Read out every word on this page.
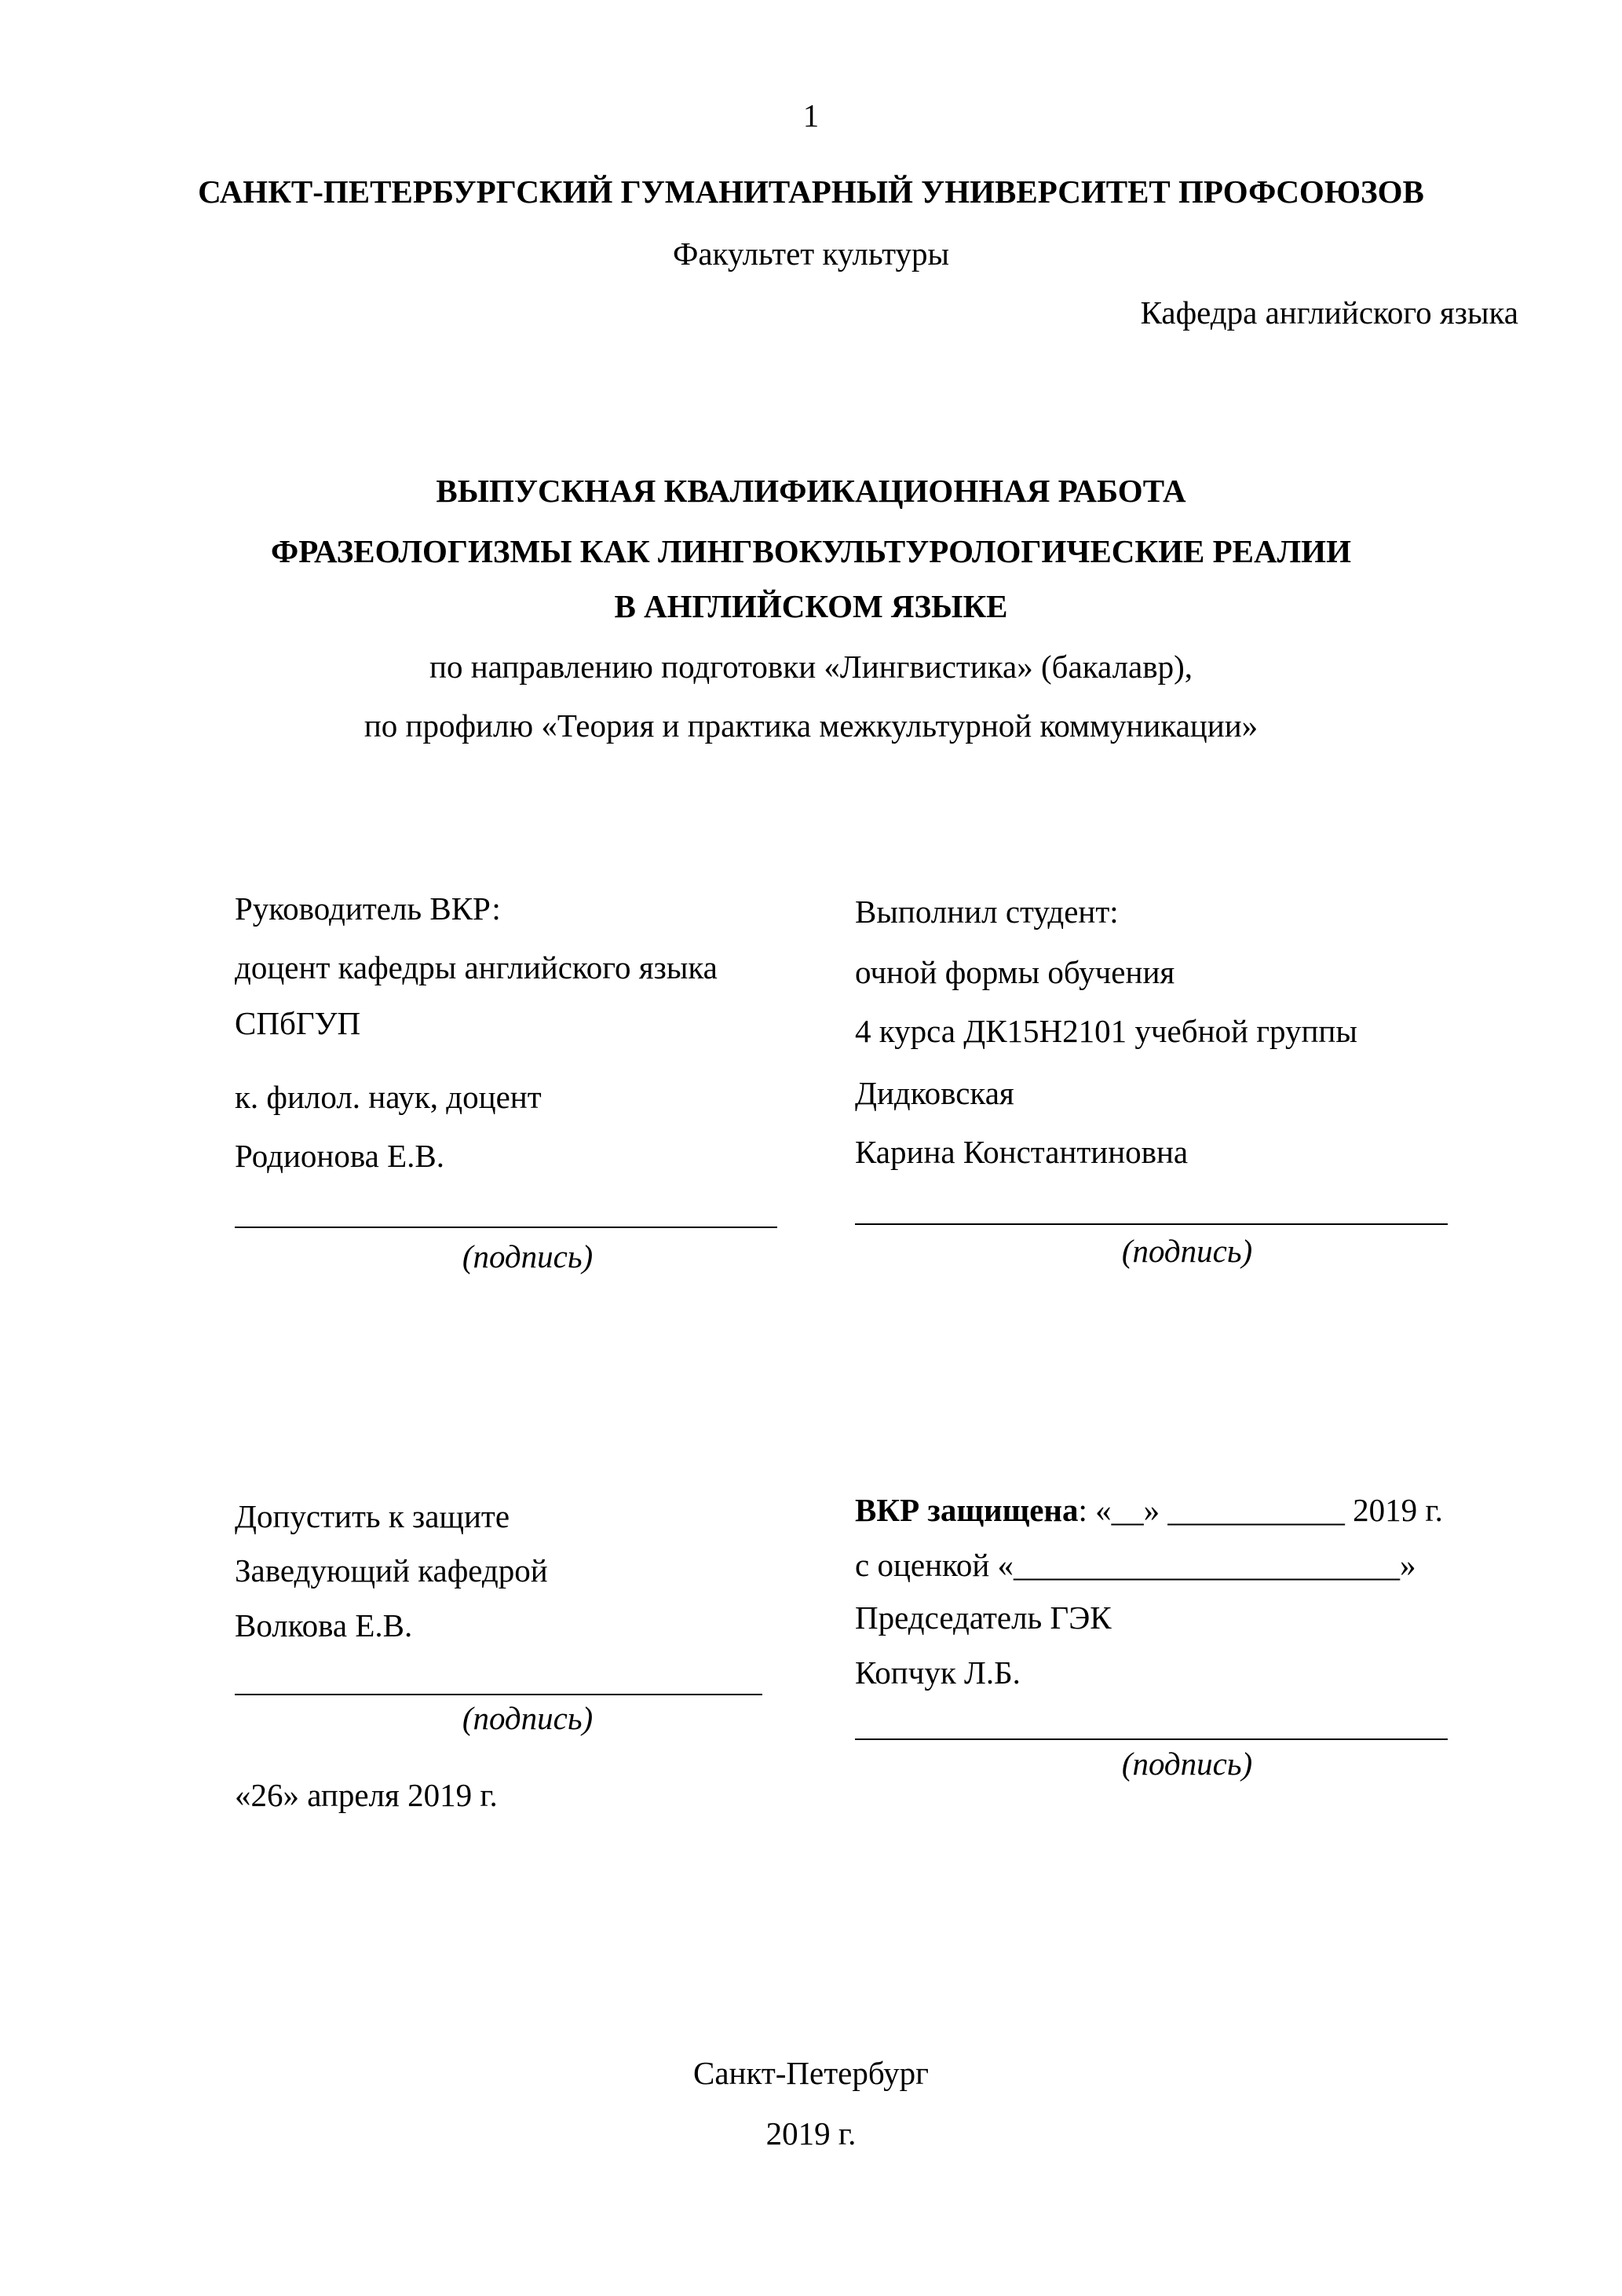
1
САНКТ-ПЕТЕРБУРГСКИЙ ГУМАНИТАРНЫЙ УНИВЕРСИТЕТ ПРОФСОЮЗОВ
Факультет культуры
Кафедра английского языка
ВЫПУСКНАЯ КВАЛИФИКАЦИОННАЯ РАБОТА
ФРАЗЕОЛОГИЗМЫ КАК ЛИНГВОКУЛЬТУРОЛОГИЧЕСКИЕ РЕАЛИИ
В АНГЛИЙСКОМ ЯЗЫКЕ
по направлению подготовки «Лингвистика» (бакалавр),
по профилю «Теория и практика межкультурной коммуникации»
Руководитель ВКР:
доцент кафедры английского языка
СПбГУП
к. филол. наук, доцент
Родионова Е.В.
(подпись)
Выполнил студент:
очной формы обучения
4 курса ДК15Н2101 учебной группы
Дидковская
Карина Константиновна
(подпись)
Допустить к защите
Заведующий кафедрой
Волкова Е.В.
(подпись)
«26» апреля 2019 г.
ВКР защищена: «__» ___________ 2019 г.
с оценкой «________________________»
Председатель ГЭК
Копчук Л.Б.
(подпись)
Санкт-Петербург
2019 г.
